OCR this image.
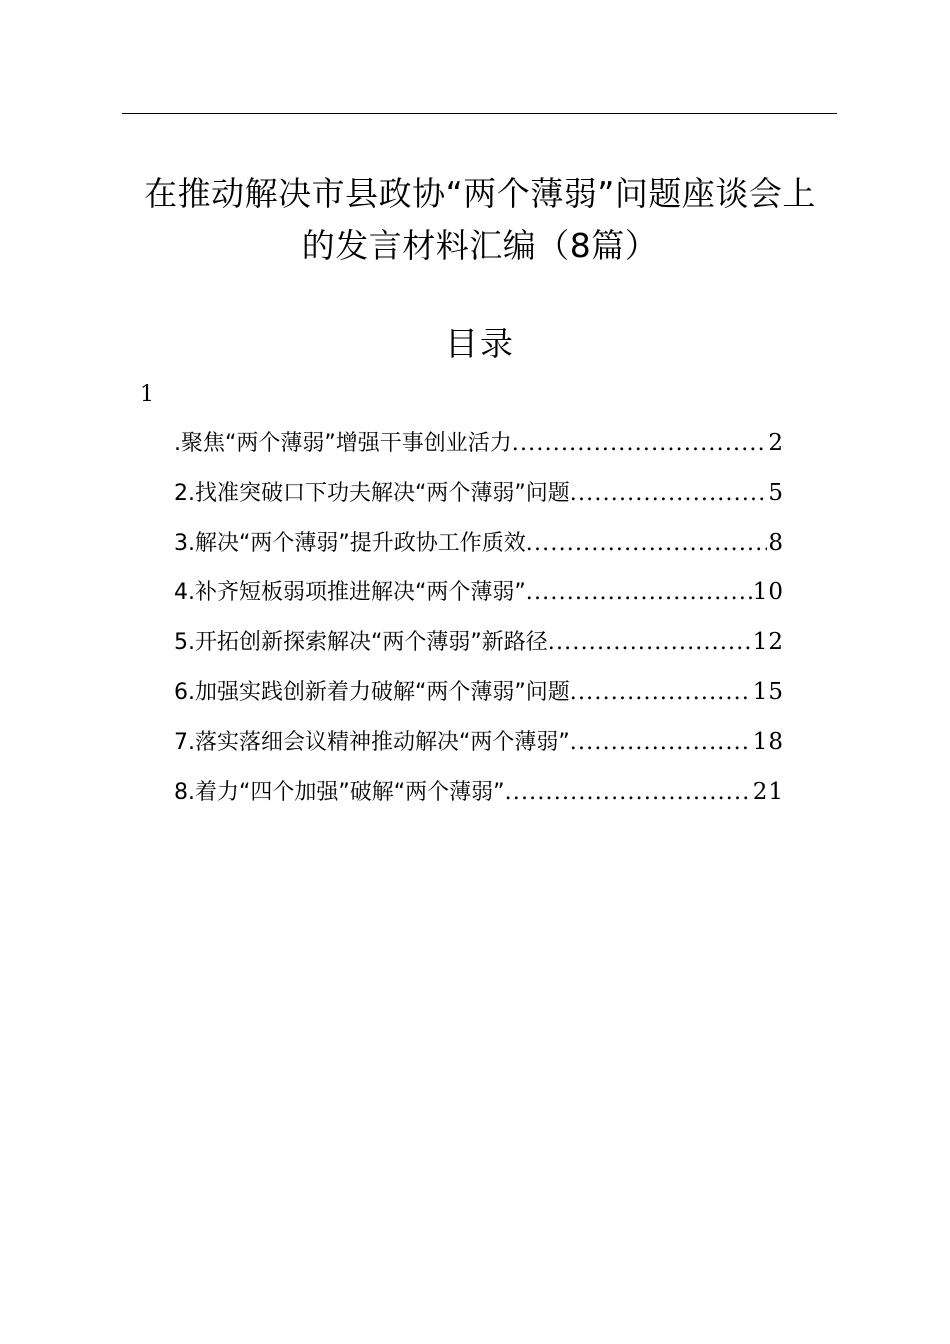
在推动解决市县政协“两个薄弱”问题座谈会上
的发言材料汇编（8篇）
目录
1
.聚焦“两个薄弱”增强干事创业活力 .....	2
2.找准突破口下功夫解决“两个薄弱”问题 .....	5
3.解决“两个薄弱”提升政协工作质效 .....	8
4.补齐短板弱项推进解决“两个薄弱” .....	10
5.开拓创新探索解决“两个薄弱”新路径 .....	12
6.加强实践创新着力破解“两个薄弱”问题 .....	15
7.落实落细会议精神推动解决“两个薄弱” .....	18
8.着力“四个加强”破解“两个薄弱” .....	21
